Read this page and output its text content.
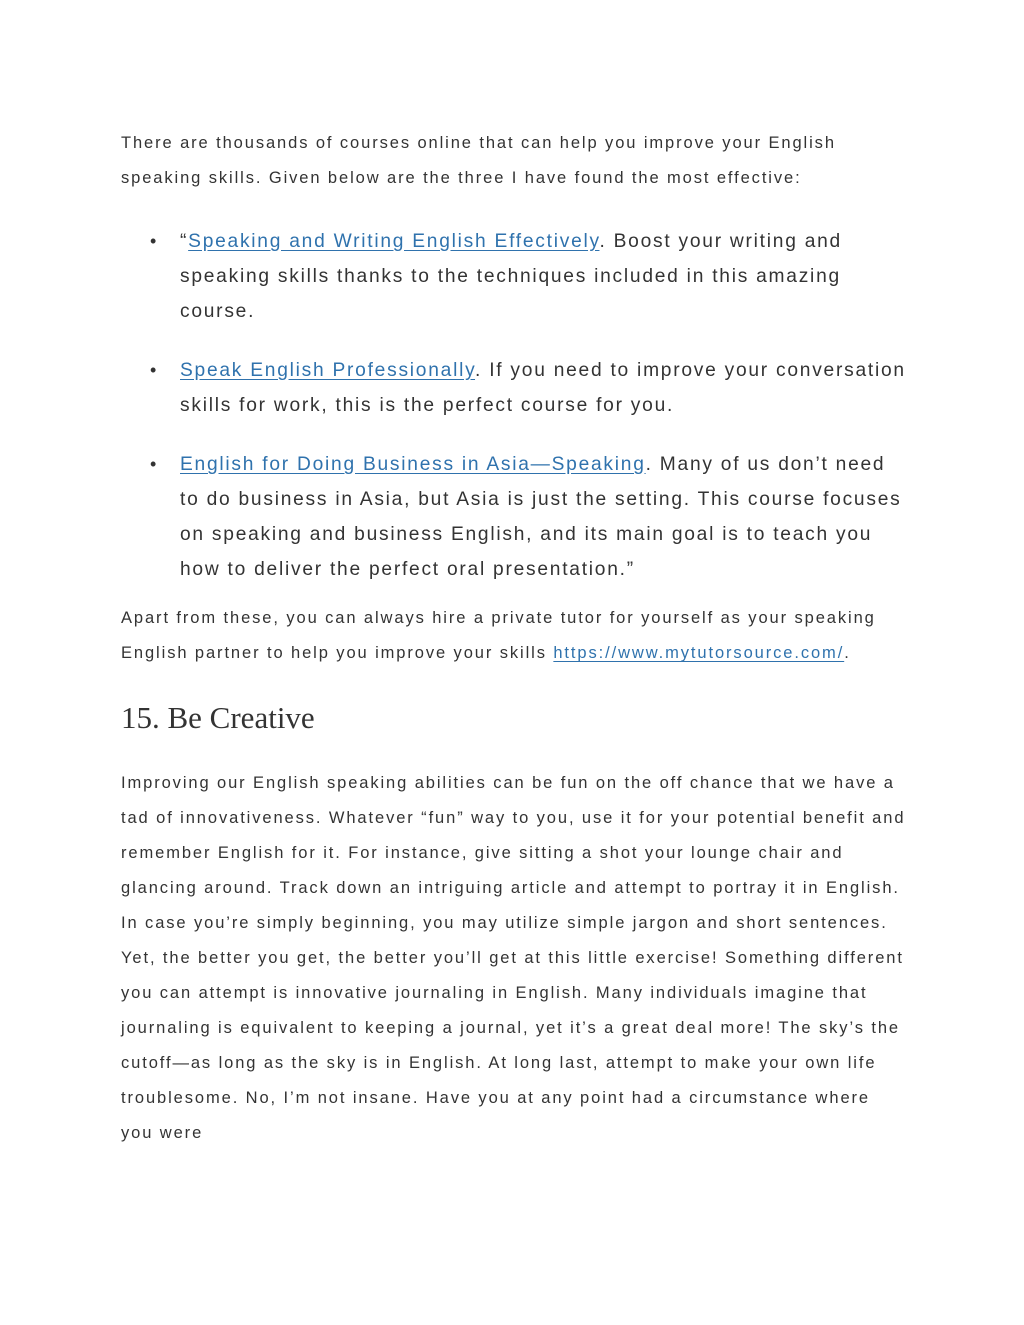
There are thousands of courses online that can help you improve your English speaking skills. Given below are the three I have found the most effective:

• “Speaking and Writing English Effectively. Boost your writing and speaking skills thanks to the techniques included in this amazing course.
• Speak English Professionally. If you need to improve your conversation skills for work, this is the perfect course for you.
• English for Doing Business in Asia—Speaking. Many of us don’t need to do business in Asia, but Asia is just the setting. This course focuses on speaking and business English, and its main goal is to teach you how to deliver the perfect oral presentation.”

Apart from these, you can always hire a private tutor for yourself as your speaking English partner to help you improve your skills https://www.mytutorsource.com/.

15. Be Creative

Improving our English speaking abilities can be fun on the off chance that we have a tad of innovativeness. Whatever “fun” way to you, use it for your potential benefit and remember English for it. For instance, give sitting a shot your lounge chair and glancing around. Track down an intriguing article and attempt to portray it in English. In case you’re simply beginning, you may utilize simple jargon and short sentences. Yet, the better you get, the better you’ll get at this little exercise! Something different you can attempt is innovative journaling in English. Many individuals imagine that journaling is equivalent to keeping a journal, yet it’s a great deal more! The sky’s the cutoff—as long as the sky is in English. At long last, attempt to make your own life troublesome. No, I’m not insane. Have you at any point had a circumstance where you were
